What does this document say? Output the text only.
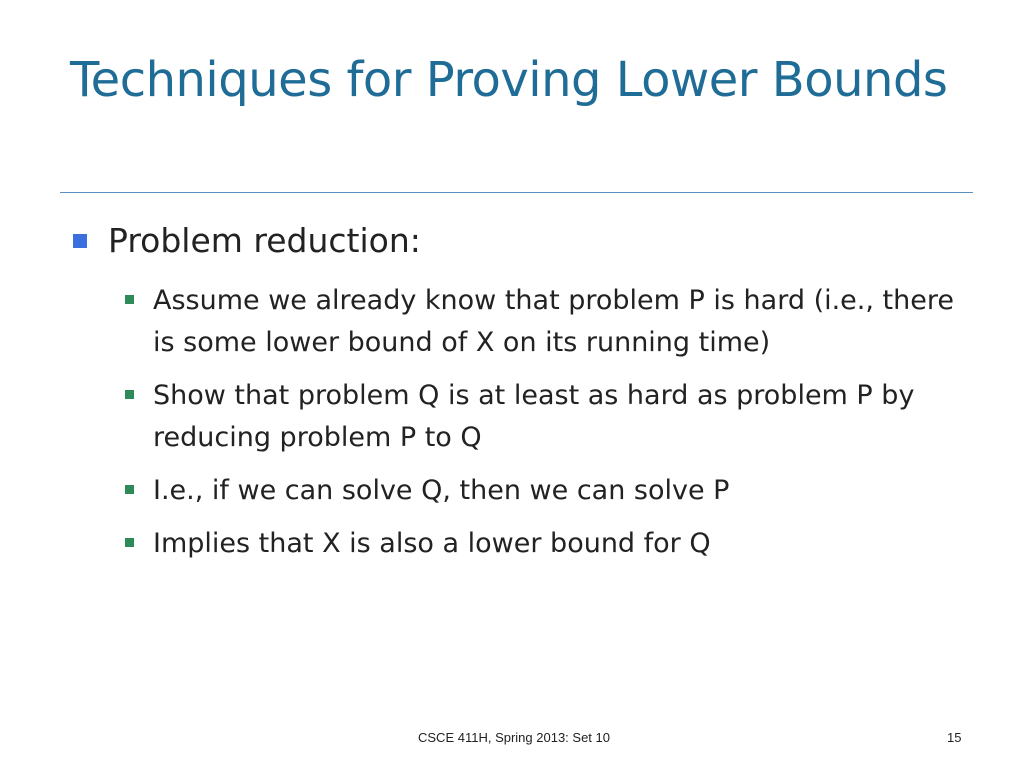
Techniques for Proving Lower Bounds
Problem reduction:
Assume we already know that problem P is hard (i.e., there is some lower bound of X on its running time)
Show that problem Q is at least as hard as problem P by reducing problem P to Q
I.e., if we can solve Q, then we can solve P
Implies that X is also a lower bound for Q
CSCE 411H, Spring 2013: Set 10	15
